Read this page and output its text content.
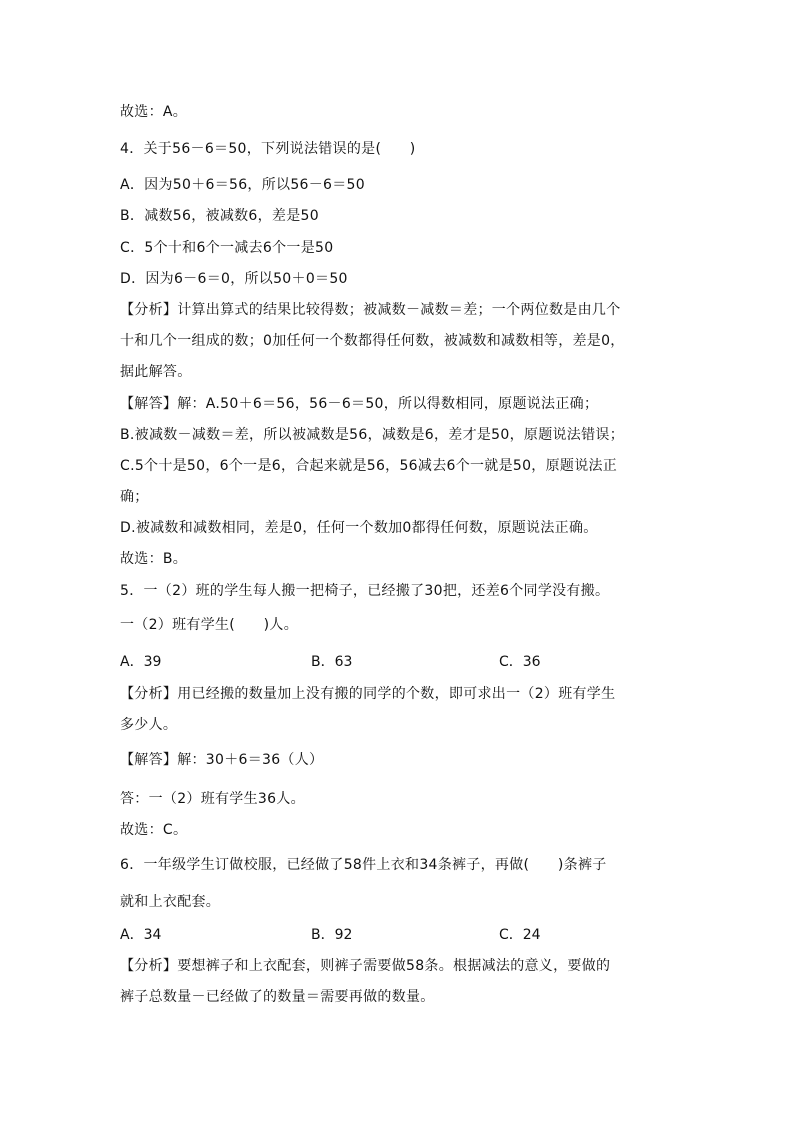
故选：A。
4．关于56－6＝50，下列说法错误的是(　　)
A．因为50＋6＝56，所以56－6＝50
B．减数56，被减数6，差是50
C．5个十和6个一减去6个一是50
D．因为6－6＝0，所以50＋0＝50
【分析】计算出算式的结果比较得数；被减数－减数＝差；一个两位数是由几个
十和几个一组成的数；0加任何一个数都得任何数，被减数和减数相等，差是0，
据此解答。
【解答】解：A.50＋6＝56，56－6＝50，所以得数相同，原题说法正确；
B.被减数－减数＝差，所以被减数是56，减数是6，差才是50，原题说法错误；
C.5个十是50，6个一是6，合起来就是56，56减去6个一就是50，原题说法正
确；
D.被减数和减数相同，差是0，任何一个数加0都得任何数，原题说法正确。
故选：B。
5．一（2）班的学生每人搬一把椅子，已经搬了30把，还差6个同学没有搬。
一（2）班有学生(　　)人。
A．39	B．63	C．36
【分析】用已经搬的数量加上没有搬的同学的个数，即可求出一（2）班有学生
多少人。
【解答】解：30＋6＝36（人）
答：一（2）班有学生36人。
故选：C。
6．一年级学生订做校服，已经做了58件上衣和34条裤子，再做(　　)条裤子
就和上衣配套。
A．34	B．92	C．24
【分析】要想裤子和上衣配套，则裤子需要做58条。根据减法的意义，要做的
裤子总数量－已经做了的数量＝需要再做的数量。
